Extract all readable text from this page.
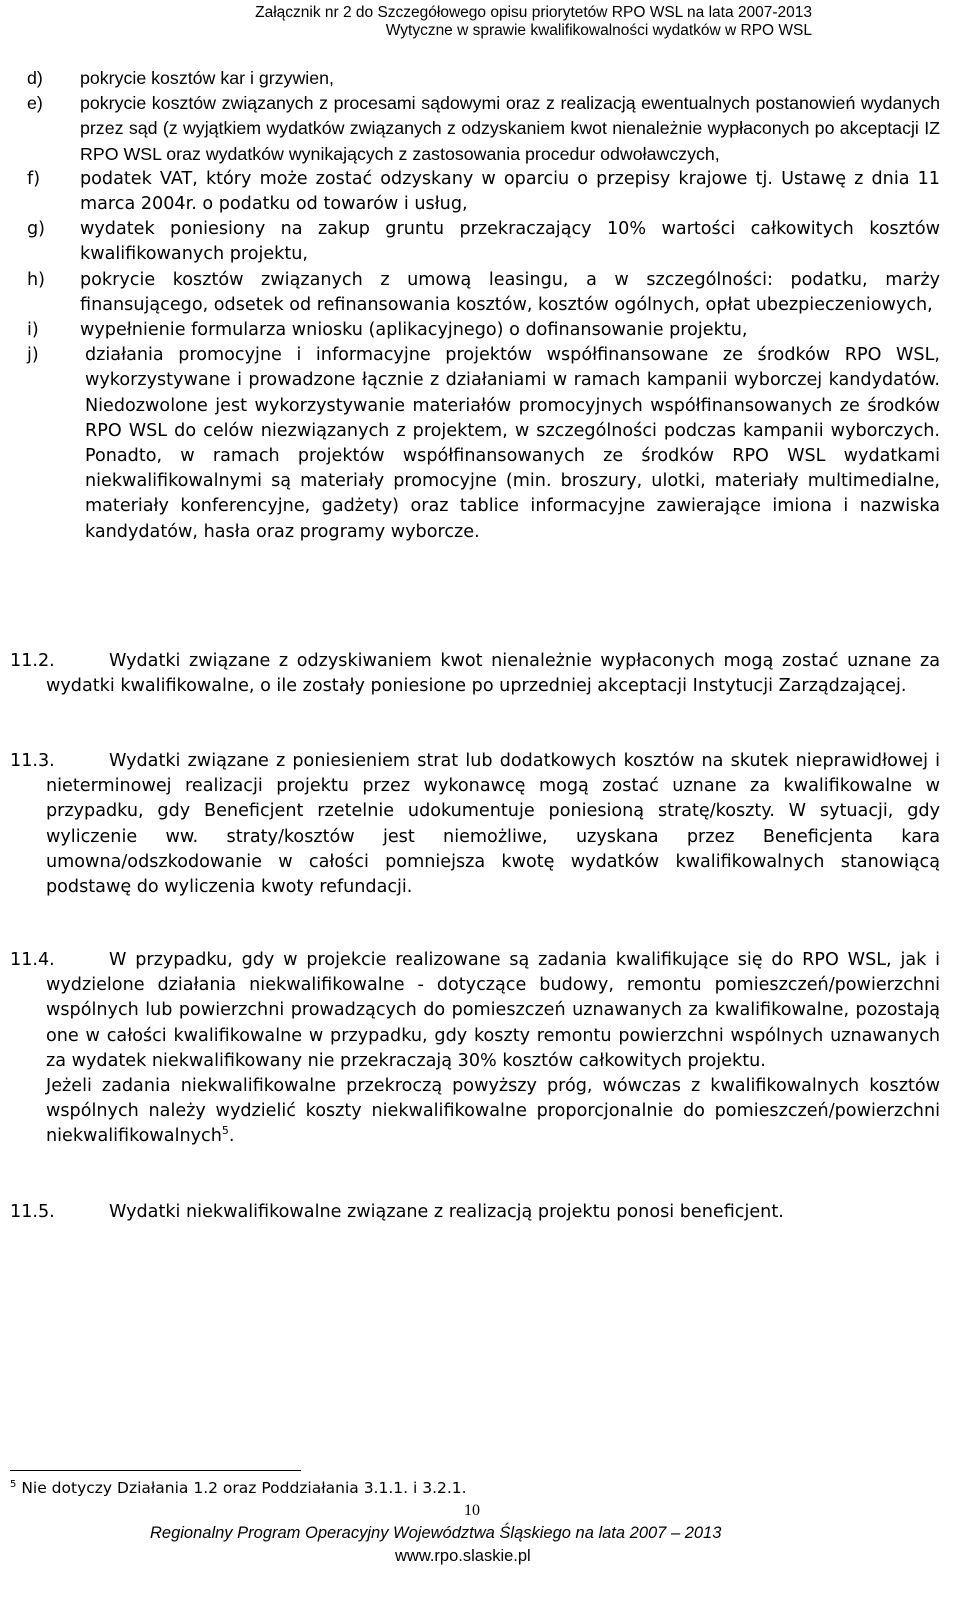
Załącznik nr 2 do Szczegółowego opisu priorytetów RPO WSL na lata 2007-2013
Wytyczne w sprawie kwalifikowalności wydatków w RPO WSL
d)	pokrycie kosztów kar i grzywien,
e)	pokrycie kosztów związanych z procesami sądowymi oraz z realizacją ewentualnych postanowień wydanych przez sąd (z wyjątkiem wydatków związanych z odzyskaniem kwot nienależnie wypłaconych po akceptacji IZ RPO WSL oraz wydatków wynikających z zastosowania procedur odwoławczych,
f)	podatek VAT, który może zostać odzyskany w oparciu o przepisy krajowe tj. Ustawę z dnia 11 marca 2004r. o podatku od towarów i usług,
g)	wydatek poniesiony na zakup gruntu przekraczający 10% wartości całkowitych kosztów kwalifikowanych projektu,
h)	pokrycie kosztów związanych z umową leasingu, a w szczególności: podatku, marży finansującego, odsetek od refinansowania kosztów, kosztów ogólnych, opłat ubezpieczeniowych,
i)	wypełnienie formularza wniosku (aplikacyjnego) o dofinansowanie projektu,
j)	działania promocyjne i informacyjne projektów współfinansowane ze środków RPO WSL, wykorzystywane i prowadzone łącznie z działaniami w ramach kampanii wyborczej kandydatów. Niedozwolone jest wykorzystywanie materiałów promocyjnych współfinansowanych ze środków RPO WSL do celów niezwiązanych z projektem, w szczególności podczas kampanii wyborczych. Ponadto, w ramach projektów współfinansowanych ze środków RPO WSL wydatkami niekwalifikowalnymi są materiały promocyjne (min. broszury, ulotki, materiały multimedialne, materiały konferencyjne, gadżety) oraz tablice informacyjne zawierające imiona i nazwiska kandydatów, hasła oraz programy wyborcze.
11.2.	Wydatki związane z odzyskiwaniem kwot nienależnie wypłaconych mogą zostać uznane za wydatki kwalifikowalne, o ile zostały poniesione po uprzedniej akceptacji Instytucji Zarządzającej.
11.3.	Wydatki związane z poniesieniem strat lub dodatkowych kosztów na skutek nieprawidłowej i nieterminowej realizacji projektu przez wykonawcę mogą zostać uznane za kwalifikowalne w przypadku, gdy Beneficjent rzetelnie udokumentuje poniesioną stratę/koszty. W sytuacji, gdy wyliczenie ww. straty/kosztów jest niemożliwe, uzyskana przez Beneficjenta kara umowna/odszkodowanie w całości pomniejsza kwotę wydatków kwalifikowalnych stanowiącą podstawę do wyliczenia kwoty refundacji.
11.4.	W przypadku, gdy w projekcie realizowane są zadania kwalifikujące się do RPO WSL, jak i wydzielone działania niekwalifikowalne - dotyczące budowy, remontu pomieszczeń/powierzchni wspólnych lub powierzchni prowadzących do pomieszczeń uznawanych za kwalifikowalne, pozostają one w całości kwalifikowalne w przypadku, gdy koszty remontu powierzchni wspólnych uznawanych za wydatek niekwalifikowany nie przekraczają 30% kosztów całkowitych projektu.
Jeżeli zadania niekwalifikowalne przekroczą powyższy próg, wówczas z kwalifikowalnych kosztów wspólnych należy wydzielić koszty niekwalifikowalne proporcjonalnie do pomieszczeń/powierzchni niekwalifikowalnych$^5$.
11.5.	Wydatki niekwalifikowalne związane z realizacją projektu ponosi beneficjent.
$^5$ Nie dotyczy Działania 1.2 oraz Poddziałania 3.1.1. i 3.2.1.
10
Regionalny Program Operacyjny Województwa Śląskiego na lata 2007 – 2013
www.rpo.slaskie.pl
